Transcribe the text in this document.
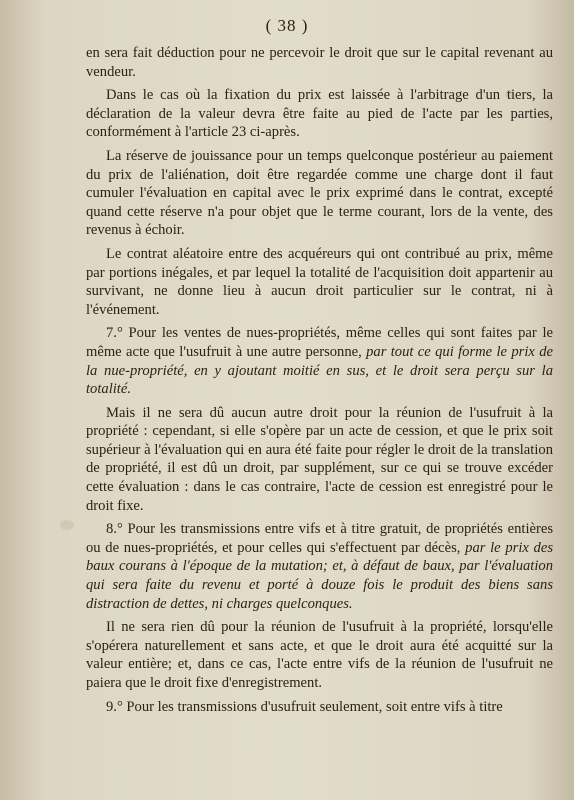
( 38 )

en sera fait déduction pour ne percevoir le droit que sur le capital revenant au vendeur.

Dans le cas où la fixation du prix est laissée à l'arbitrage d'un tiers, la déclaration de la valeur devra être faite au pied de l'acte par les parties, conformément à l'article 23 ci-après.

La réserve de jouissance pour un temps quelconque postérieur au paiement du prix de l'aliénation, doit être regardée comme une charge dont il faut cumuler l'évaluation en capital avec le prix exprimé dans le contrat, excepté quand cette réserve n'a pour objet que le terme courant, lors de la vente, des revenus à échoir.

Le contrat aléatoire entre des acquéreurs qui ont contribué au prix, même par portions inégales, et par lequel la totalité de l'acquisition doit appartenir au survivant, ne donne lieu à aucun droit particulier sur le contrat, ni à l'événement.

7.° Pour les ventes de nues-propriétés, même celles qui sont faites par le même acte que l'usufruit à une autre personne, par tout ce qui forme le prix de la nue-propriété, en y ajoutant moitié en sus, et le droit sera perçu sur la totalité.

Mais il ne sera dû aucun autre droit pour la réunion de l'usufruit à la propriété : cependant, si elle s'opère par un acte de cession, et que le prix soit supérieur à l'évaluation qui en aura été faite pour régler le droit de la translation de propriété, il est dû un droit, par supplément, sur ce qui se trouve excéder cette évaluation : dans le cas contraire, l'acte de cession est enregistré pour le droit fixe.

8.° Pour les transmissions entre vifs et à titre gratuit, de propriétés entières ou de nues-propriétés, et pour celles qui s'effectuent par décès, par le prix des baux courans à l'époque de la mutation; et, à défaut de baux, par l'évaluation qui sera faite du revenu et porté à douze fois le produit des biens sans distraction de dettes, ni charges quelconques.

Il ne sera rien dû pour la réunion de l'usufruit à la propriété, lorsqu'elle s'opérera naturellement et sans acte, et que le droit aura été acquitté sur la valeur entière; et, dans ce cas, l'acte entre vifs de la réunion de l'usufruit ne paiera que le droit fixe d'enregistrement.

9.° Pour les transmissions d'usufruit seulement, soit entre vifs à titre
